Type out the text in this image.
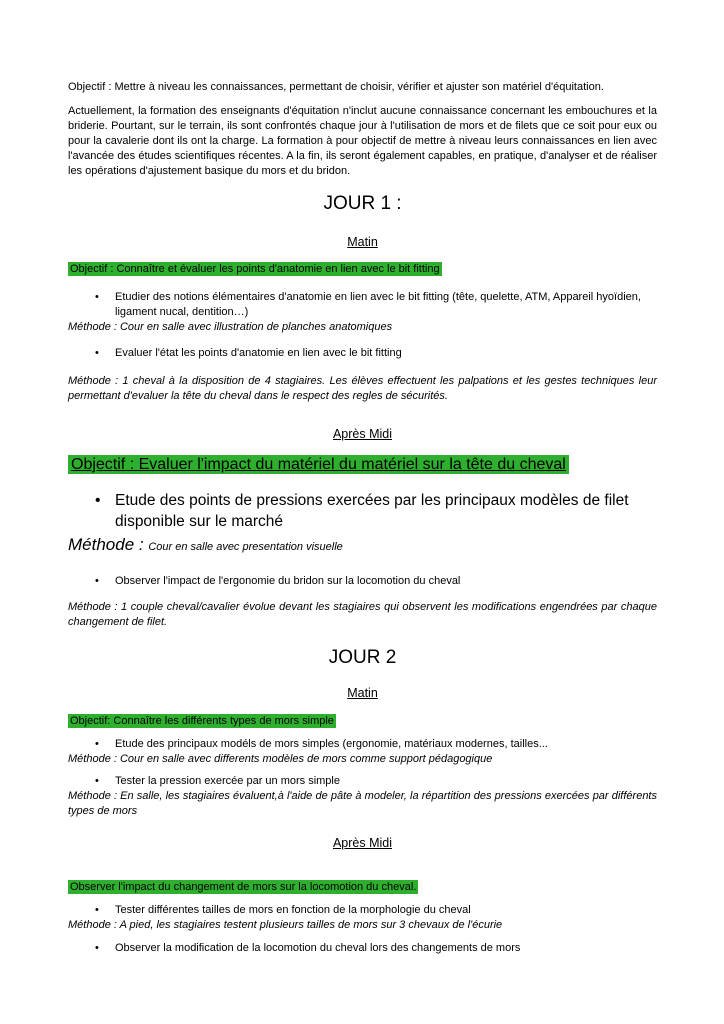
Objectif : Mettre à niveau les connaissances, permettant de choisir, vérifier et ajuster son matériel d'équitation.

Actuellement, la formation des enseignants d'équitation n'inclut aucune connaissance concernant les embouchures et la briderie. Pourtant, sur le terrain, ils sont confrontés chaque jour à l'utilisation de mors et de filets que ce soit pour eux ou pour la cavalerie dont ils ont la charge. La formation à pour objectif de mettre à niveau leurs connaissances en lien avec l'avancée des études scientifiques récentes. A la fin, ils seront également capables, en pratique, d'analyser et de réaliser les opérations d'ajustement basique du mors et du bridon.

JOUR 1 :
Matin

Objectif : Connaître et évaluer les points d'anatomie en lien avec le bit fitting

• Etudier des notions élémentaires d'anatomie en lien avec le bit fitting (tête, quelette, ATM, Appareil hyoïdien, ligament nucal, dentition…)

Méthode : Cour en salle avec illustration de planches anatomiques

• Evaluer l'état les points d'anatomie en lien avec le bit fitting

Méthode : 1 cheval à la disposition de 4 stagiaires. Les élèves effectuent les palpations et les gestes techniques leur permettant d'evaluer la tête du cheval dans le respect des regles de sécurités.

Après Midi

Objectif : Evaluer l'impact du matériel du matériel sur la tête du cheval

• Etude des points de pressions exercées par les principaux modèles de filet disponible sur le marché

Méthode : Cour en salle avec presentation visuelle

• Observer l'impact de l'ergonomie du bridon sur la locomotion du cheval

Méthode : 1 couple cheval/cavalier évolue devant les stagiaires qui observent les modifications engendrées par chaque changement de filet.

JOUR 2
Matin

Objectif: Connaître les différents types de mors simple

• Etude des principaux modéls de mors simples (ergonomie, matériaux modernes, tailles...

Méthode : Cour en salle avec differents modèles de mors comme support pédagogique

• Tester la pression exercée par un mors simple

Méthode : En salle, les stagiaires évaluent,à l'aide de pâte à modeler, la répartition des pressions exercées par différents types de mors

Après Midi

Observer l'impact du changement de mors sur la locomotion du cheval.

• Tester différentes tailles de mors en fonction de la morphologie du cheval

Méthode : A pied, les stagiaires testent plusieurs tailles de mors sur 3 chevaux de l'écurie

• Observer la modification de la locomotion du cheval lors des changements de mors
